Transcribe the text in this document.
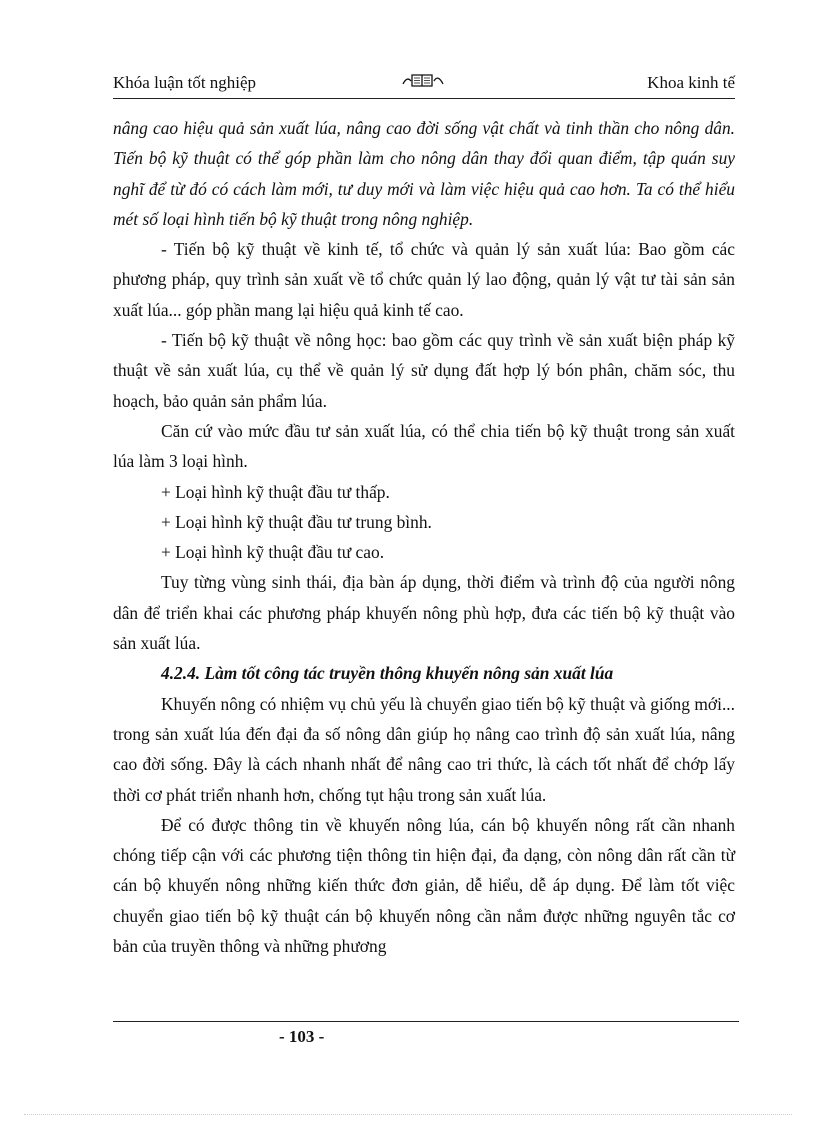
Khóa luận tốt nghiệp	Khoa kinh tế

nâng cao hiệu quả sản xuất lúa, nâng cao đời sống vật chất và tinh thần cho nông dân. Tiến bộ kỹ thuật có thể góp phần làm cho nông dân thay đổi quan điểm, tập quán suy nghĩ để từ đó có cách làm mới, tư duy mới và làm việc hiệu quả cao hơn. Ta có thể hiểu mét số loại hình tiến bộ kỹ thuật trong nông nghiệp.

- Tiến bộ kỹ thuật về kinh tế, tổ chức và quản lý sản xuất lúa: Bao gồm các phương pháp, quy trình sản xuất về tổ chức quản lý lao động, quản lý vật tư tài sản sản xuất lúa... góp phần mang lại hiệu quả kinh tế cao.

- Tiến bộ kỹ thuật về nông học: bao gồm các quy trình về sản xuất biện pháp kỹ thuật về sản xuất lúa, cụ thể về quản lý sử dụng đất hợp lý bón phân, chăm sóc, thu hoạch, bảo quản sản phẩm lúa.

Căn cứ vào mức đầu tư sản xuất lúa, có thể chia tiến bộ kỹ thuật trong sản xuất lúa làm 3 loại hình.

+ Loại hình kỹ thuật đầu tư thấp.

+ Loại hình kỹ thuật đầu tư trung bình.

+ Loại hình kỹ thuật đầu tư cao.

Tuy từng vùng sinh thái, địa bàn áp dụng, thời điểm và trình độ của người nông dân để triển khai các phương pháp khuyến nông phù hợp, đưa các tiến bộ kỹ thuật vào sản xuất lúa.

4.2.4. Làm tốt công tác truyền thông khuyến nông sản xuất lúa

Khuyến nông có nhiệm vụ chủ yếu là chuyển giao tiến bộ kỹ thuật và giống mới... trong sản xuất lúa đến đại đa số nông dân giúp họ nâng cao trình độ sản xuất lúa, nâng cao đời sống. Đây là cách nhanh nhất để nâng cao tri thức, là cách tốt nhất để chớp lấy thời cơ phát triển nhanh hơn, chống tụt hậu trong sản xuất lúa.

Để có được thông tin về khuyến nông lúa, cán bộ khuyến nông rất cần nhanh chóng tiếp cận với các phương tiện thông tin hiện đại, đa dạng, còn nông dân rất cần từ cán bộ khuyến nông những kiến thức đơn giản, dễ hiểu, dễ áp dụng. Để làm tốt việc chuyển giao tiến bộ kỹ thuật cán bộ khuyến nông cần nắm được những nguyên tắc cơ bản của truyền thông và những phương

- 103 -
